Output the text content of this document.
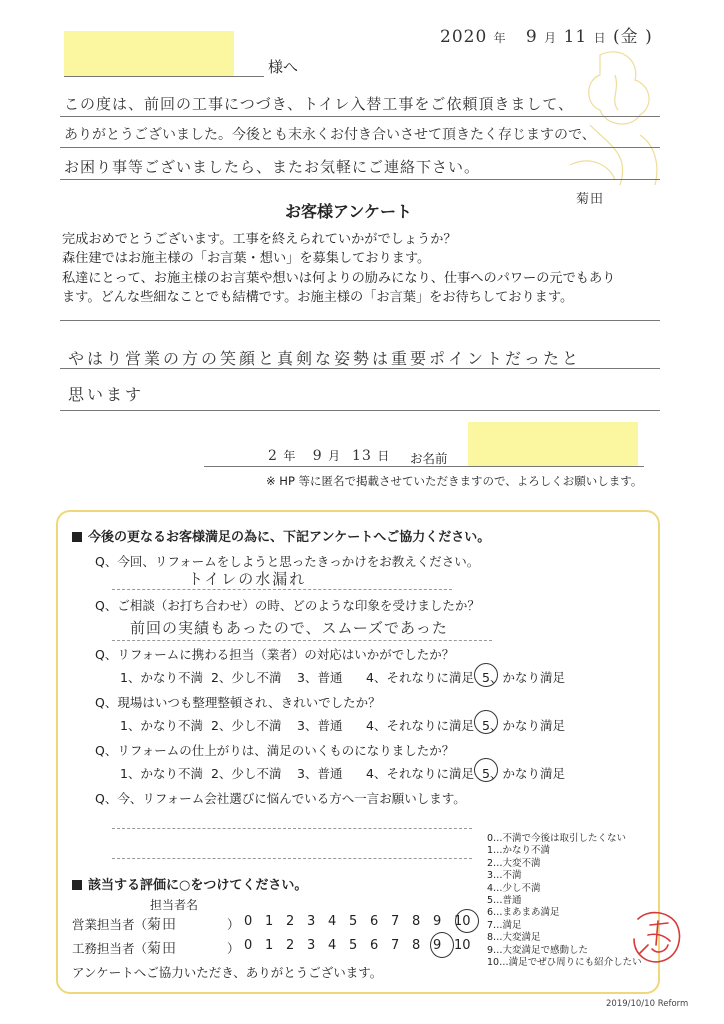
2020 年 9 月 11 日 (金 )
様へ
この度は、前回の工事につづき、トイレ入替工事をご依頼頂きまして、
ありがとうございました。今後とも末永くお付き合いさせて頂きたく存じますので、
お困り事等ございましたら、またお気軽にご連絡下さい。
菊田
お客様アンケート
完成おめでとうございます。工事を終えられていかがでしょうか？
森住建ではお施主様の「お言葉・想い」を募集しております。
私達にとって、お施主様のお言葉や想いは何よりの励みになり、仕事へのパワーの元でもあり
ます。どんな些細なことでも結構です。お施主様の「お言葉」をお待ちしております。
やはり営業の方の笑顔と真剣な姿勢は重要ポイントだったと
思います
2 年 9 月 13 日 お名前
※ HP 等に匿名で掲載させていただきますので、よろしくお願いします。
今後の更なるお客様満足の為に、下記アンケートへご協力ください。
Q、今回、リフォームをしようと思ったきっかけをお教えください。
トイレの水漏れ
Q、ご相談（お打ち合わせ）の時、どのような印象を受けましたか？
前回の実績もあったので、スムーズであった
Q、リフォームに携わる担当（業者）の対応はいかがでしたか？
1、かなり不満 2、少し不満 3、普通 4、それなりに満足 5、かなり満足
Q、現場はいつも整理整頓され、きれいでしたか？
1、かなり不満 2、少し不満 3、普通 4、それなりに満足 5、かなり満足
Q、リフォームの仕上がりは、満足のいくものになりましたか？
1、かなり不満 2、少し不満 3、普通 4、それなりに満足 5、かなり満足
Q、今、リフォーム会社選びに悩んでいる方へ一言お願いします。
該当する評価に○をつけてください。
担当者名
営業担当者（菊田	） 0 1 2 3 4 5 6 7 8 9 10
工務担当者（菊田	） 0 1 2 3 4 5 6 7 8 9 10
アンケートへご協力いただき、ありがとうございます。
0…不満で今後は取引したくない
1…かなり不満
2…大変不満
3…不満
4…少し不満
5…普通
6…まあまあ満足
7…満足
8…大変満足
9…大変満足で感動した
10…満足でぜひ周りにも紹介したい
2019/10/10 Reform
